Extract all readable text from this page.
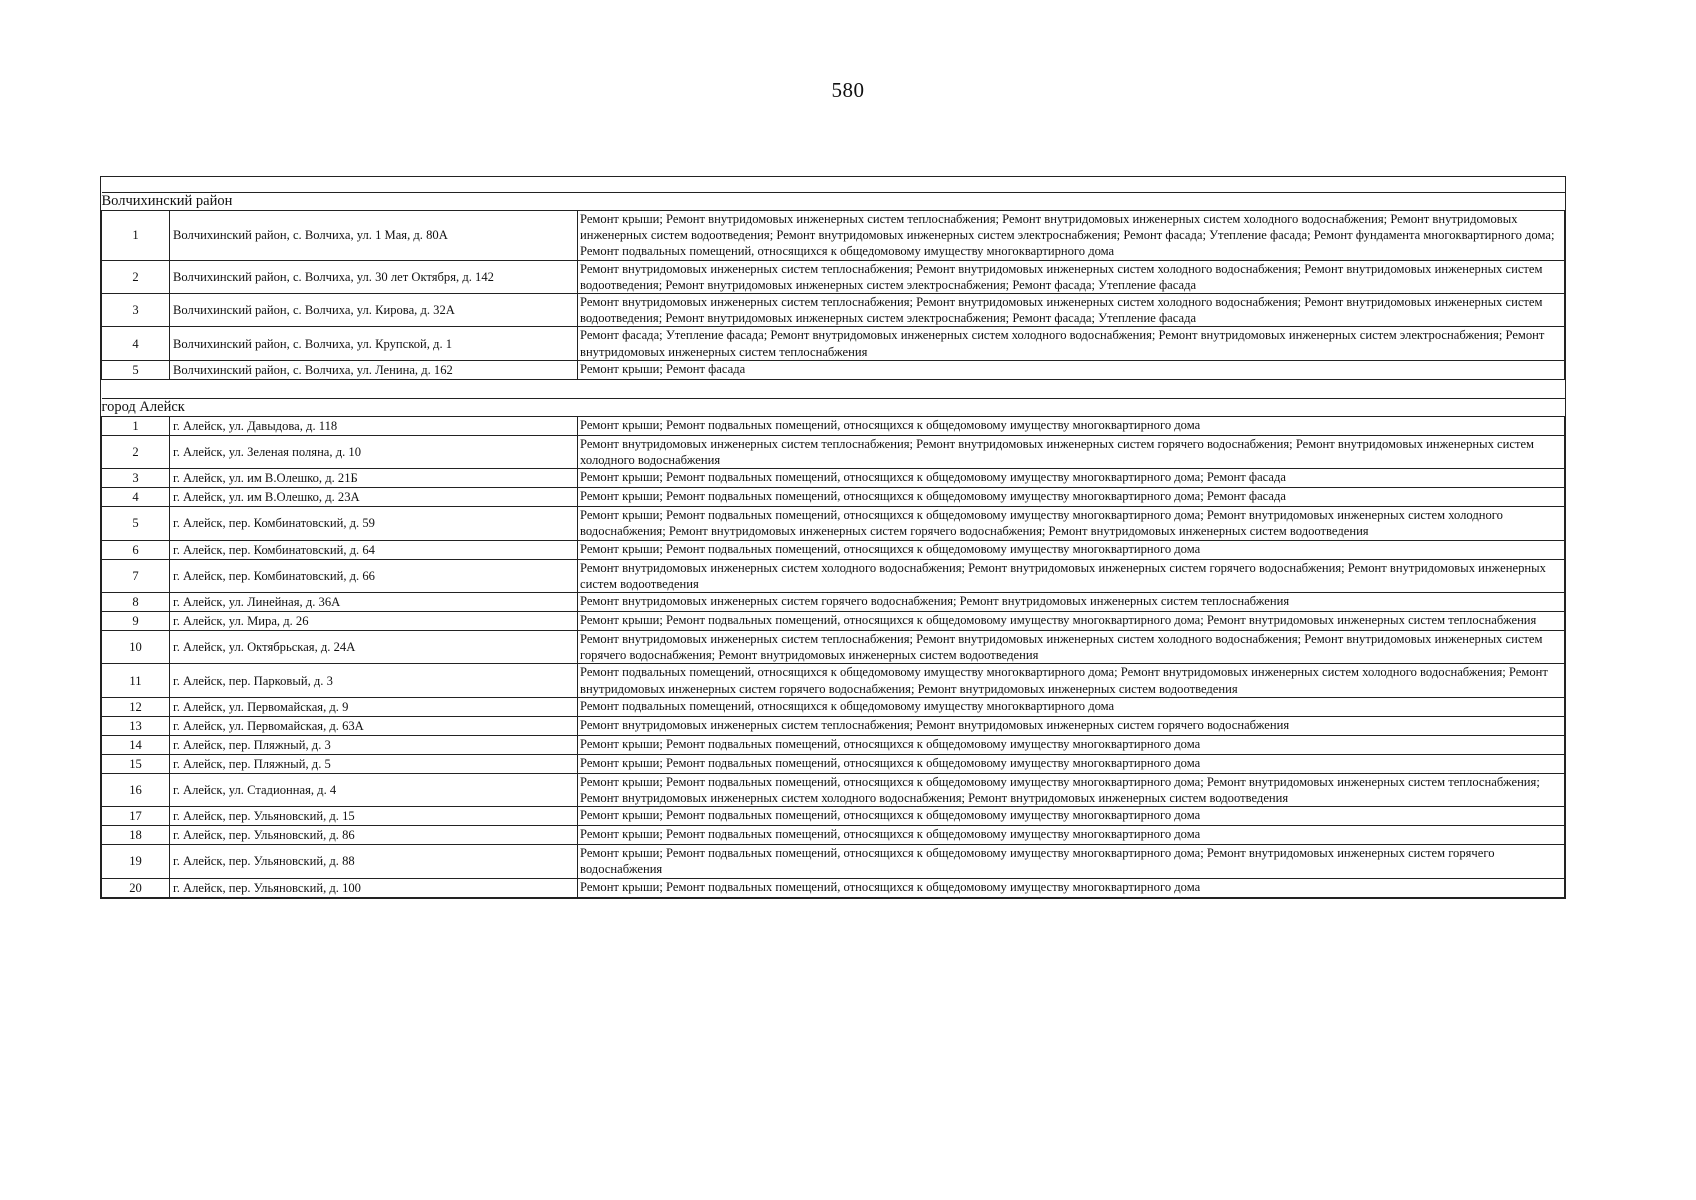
580

Волчихинский район		
1	Волчихинский район, с. Волчиха, ул. 1 Мая, д. 80А	Ремонт крыши; Ремонт внутридомовых инженерных систем теплоснабжения; Ремонт внутридомовых инженерных систем холодного водоснабжения; Ремонт внутридомовых инженерных систем водоотведения; Ремонт внутридомовых инженерных систем электроснабжения; Ремонт фасада; Утепление фасада; Ремонт фундамента многоквартирного дома; Ремонт подвальных помещений, относящихся к общедомовому имуществу многоквартирного дома
2	Волчихинский район, с. Волчиха, ул. 30 лет Октября, д. 142	Ремонт внутридомовых инженерных систем теплоснабжения; Ремонт внутридомовых инженерных систем холодного водоснабжения; Ремонт внутридомовых инженерных систем водоотведения; Ремонт внутридомовых инженерных систем электроснабжения; Ремонт фасада; Утепление фасада
3	Волчихинский район, с. Волчиха, ул. Кирова, д. 32А	Ремонт внутридомовых инженерных систем теплоснабжения; Ремонт внутридомовых инженерных систем холодного водоснабжения; Ремонт внутридомовых инженерных систем водоотведения; Ремонт внутридомовых инженерных систем электроснабжения; Ремонт фасада; Утепление фасада
4	Волчихинский район, с. Волчиха, ул. Крупской, д. 1	Ремонт фасада; Утепление фасада; Ремонт внутридомовых инженерных систем холодного водоснабжения; Ремонт внутридомовых инженерных систем электроснабжения; Ремонт внутридомовых инженерных систем теплоснабжения
5	Волчихинский район, с. Волчиха, ул. Ленина, д. 162	Ремонт крыши; Ремонт фасада

город Алейск		
1	г. Алейск, ул. Давыдова, д. 118	Ремонт крыши; Ремонт подвальных помещений, относящихся к общедомовому имуществу многоквартирного дома
2	г. Алейск, ул. Зеленая поляна, д. 10	Ремонт внутридомовых инженерных систем теплоснабжения; Ремонт внутридомовых инженерных систем горячего водоснабжения; Ремонт внутридомовых инженерных систем холодного водоснабжения
3	г. Алейск, ул. им В.Олешко, д. 21Б	Ремонт крыши; Ремонт подвальных помещений, относящихся к общедомовому имуществу многоквартирного дома; Ремонт фасада
4	г. Алейск, ул. им В.Олешко, д. 23А	Ремонт крыши; Ремонт подвальных помещений, относящихся к общедомовому имуществу многоквартирного дома; Ремонт фасада
5	г. Алейск, пер. Комбинатовский, д. 59	Ремонт крыши; Ремонт подвальных помещений, относящихся к общедомовому имуществу многоквартирного дома; Ремонт внутридомовых инженерных систем холодного водоснабжения; Ремонт внутридомовых инженерных систем горячего водоснабжения; Ремонт внутридомовых инженерных систем водоотведения
6	г. Алейск, пер. Комбинатовский, д. 64	Ремонт крыши; Ремонт подвальных помещений, относящихся к общедомовому имуществу многоквартирного дома
7	г. Алейск, пер. Комбинатовский, д. 66	Ремонт внутридомовых инженерных систем холодного водоснабжения; Ремонт внутридомовых инженерных систем горячего водоснабжения; Ремонт внутридомовых инженерных систем водоотведения
8	г. Алейск, ул. Линейная, д. 36А	Ремонт внутридомовых инженерных систем горячего водоснабжения; Ремонт внутридомовых инженерных систем теплоснабжения
9	г. Алейск, ул. Мира, д. 26	Ремонт крыши; Ремонт подвальных помещений, относящихся к общедомовому имуществу многоквартирного дома; Ремонт внутридомовых инженерных систем теплоснабжения
10	г. Алейск, ул. Октябрьская, д. 24А	Ремонт внутридомовых инженерных систем теплоснабжения; Ремонт внутридомовых инженерных систем холодного водоснабжения; Ремонт внутридомовых инженерных систем горячего водоснабжения; Ремонт внутридомовых инженерных систем водоотведения
11	г. Алейск, пер. Парковый, д. 3	Ремонт подвальных помещений, относящихся к общедомовому имуществу многоквартирного дома; Ремонт внутридомовых инженерных систем холодного водоснабжения; Ремонт внутридомовых инженерных систем горячего водоснабжения; Ремонт внутридомовых инженерных систем водоотведения
12	г. Алейск, ул. Первомайская, д. 9	Ремонт подвальных помещений, относящихся к общедомовому имуществу многоквартирного дома
13	г. Алейск, ул. Первомайская, д. 63А	Ремонт внутридомовых инженерных систем теплоснабжения; Ремонт внутридомовых инженерных систем горячего водоснабжения
14	г. Алейск, пер. Пляжный, д. 3	Ремонт крыши; Ремонт подвальных помещений, относящихся к общедомовому имуществу многоквартирного дома
15	г. Алейск, пер. Пляжный, д. 5	Ремонт крыши; Ремонт подвальных помещений, относящихся к общедомовому имуществу многоквартирного дома
16	г. Алейск, ул. Стадионная, д. 4	Ремонт крыши; Ремонт подвальных помещений, относящихся к общедомовому имуществу многоквартирного дома; Ремонт внутридомовых инженерных систем теплоснабжения; Ремонт внутридомовых инженерных систем холодного водоснабжения; Ремонт внутридомовых инженерных систем водоотведения
17	г. Алейск, пер. Ульяновский, д. 15	Ремонт крыши; Ремонт подвальных помещений, относящихся к общедомовому имуществу многоквартирного дома
18	г. Алейск, пер. Ульяновский, д. 86	Ремонт крыши; Ремонт подвальных помещений, относящихся к общедомовому имуществу многоквартирного дома
19	г. Алейск, пер. Ульяновский, д. 88	Ремонт крыши; Ремонт подвальных помещений, относящихся к общедомовому имуществу многоквартирного дома; Ремонт внутридомовых инженерных систем горячего водоснабжения
20	г. Алейск, пер. Ульяновский, д. 100	Ремонт крыши; Ремонт подвальных помещений, относящихся к общедомовому имуществу многоквартирного дома
